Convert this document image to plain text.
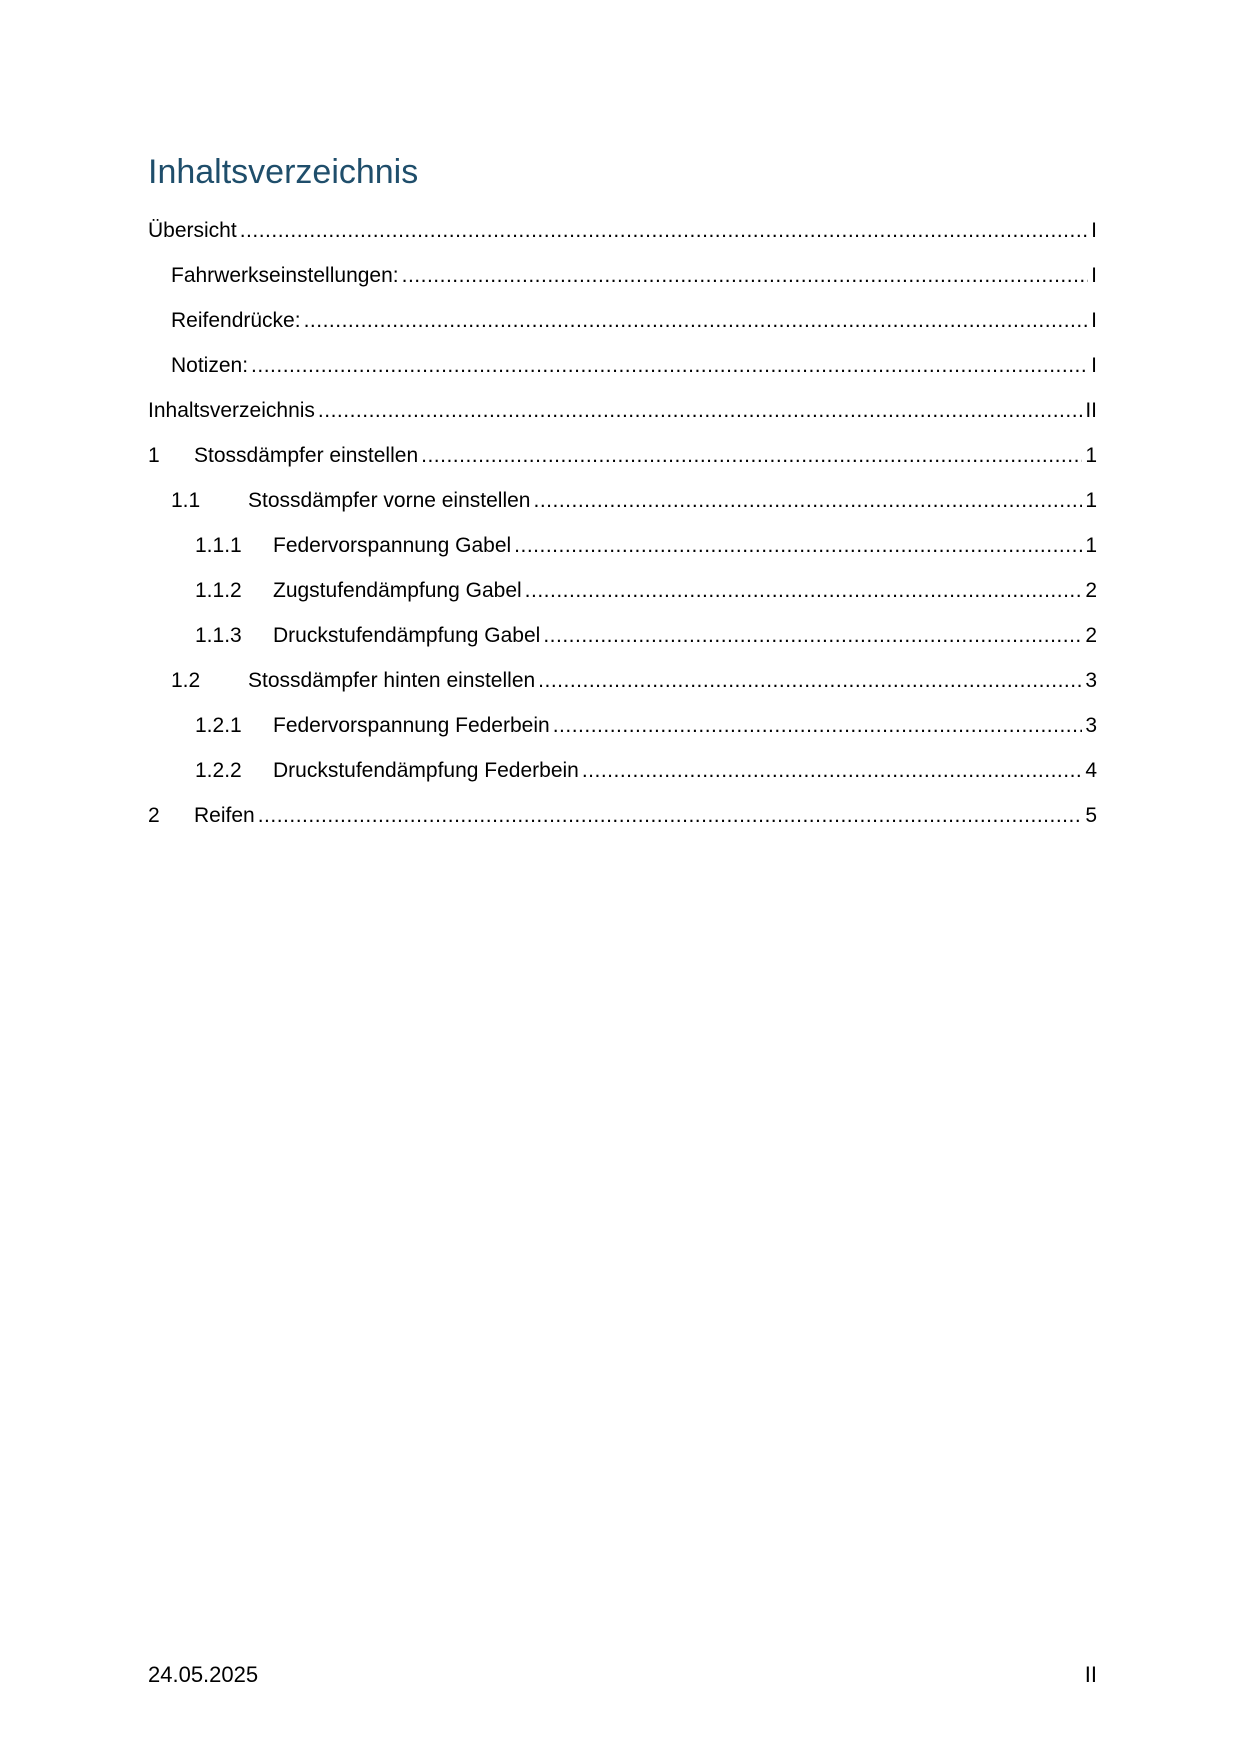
Inhaltsverzeichnis
Übersicht .....	I
Fahrwerkseinstellungen: .....	I
Reifendrücke: .....	I
Notizen: .....	I
Inhaltsverzeichnis .....	II
1	Stossdämpfer einstellen .....	1
1.1	Stossdämpfer vorne einstellen .....	1
1.1.1	Federvorspannung Gabel .....	1
1.1.2	Zugstufendämpfung Gabel .....	2
1.1.3	Druckstufendämpfung Gabel .....	2
1.2	Stossdämpfer hinten einstellen .....	3
1.2.1	Federvorspannung Federbein .....	3
1.2.2	Druckstufendämpfung Federbein .....	4
2	Reifen .....	5
24.05.2025	II
